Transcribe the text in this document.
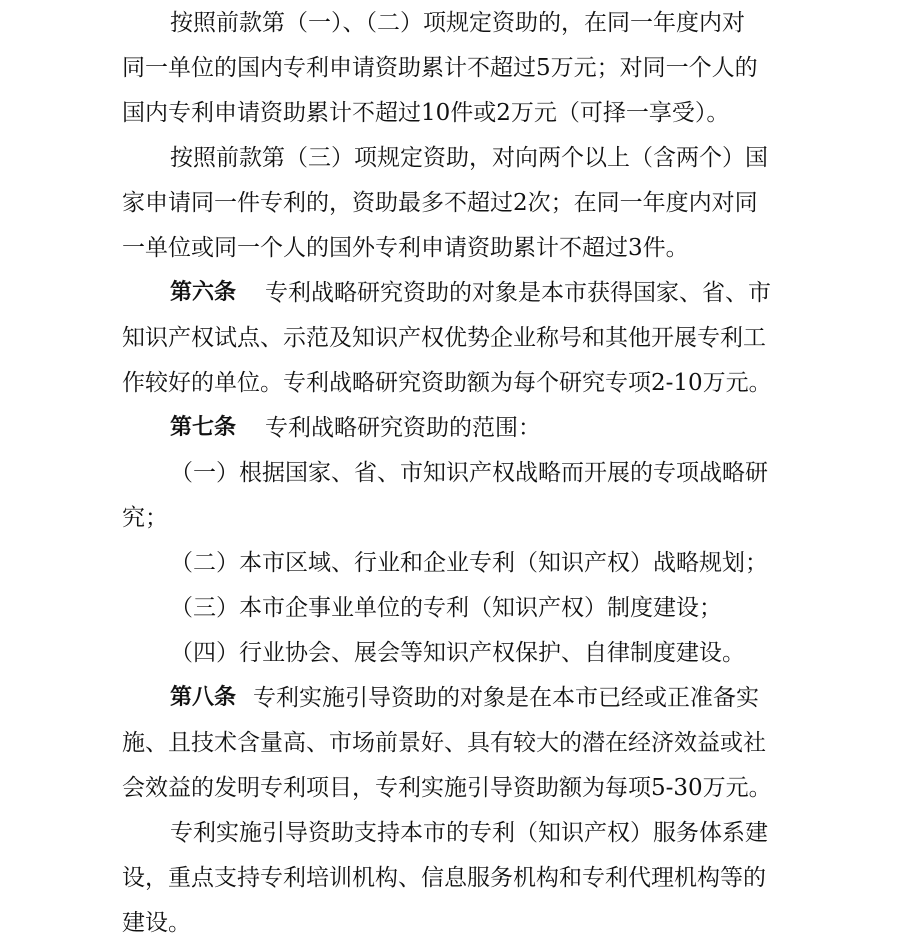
按照前款第（一）、（二）项规定资助的，在同一年度内对
同一单位的国内专利申请资助累计不超过5万元；对同一个人的
国内专利申请资助累计不超过10件或2万元（可择一享受）。
按照前款第（三）项规定资助，对向两个以上（含两个）国
家申请同一件专利的，资助最多不超过2次；在同一年度内对同
一单位或同一个人的国外专利申请资助累计不超过3件。
第六条 专利战略研究资助的对象是本市获得国家、省、市
知识产权试点、示范及知识产权优势企业称号和其他开展专利工
作较好的单位。专利战略研究资助额为每个研究专项2-10万元。
第七条 专利战略研究资助的范围：
（一）根据国家、省、市知识产权战略而开展的专项战略研
究；
（二）本市区域、行业和企业专利（知识产权）战略规划；
（三）本市企事业单位的专利（知识产权）制度建设；
（四）行业协会、展会等知识产权保护、自律制度建设。
第八条 专利实施引导资助的对象是在本市已经或正准备实
施、且技术含量高、市场前景好、具有较大的潜在经济效益或社
会效益的发明专利项目，专利实施引导资助额为每项5-30万元。
专利实施引导资助支持本市的专利（知识产权）服务体系建
设，重点支持专利培训机构、信息服务机构和专利代理机构等的
建设。
